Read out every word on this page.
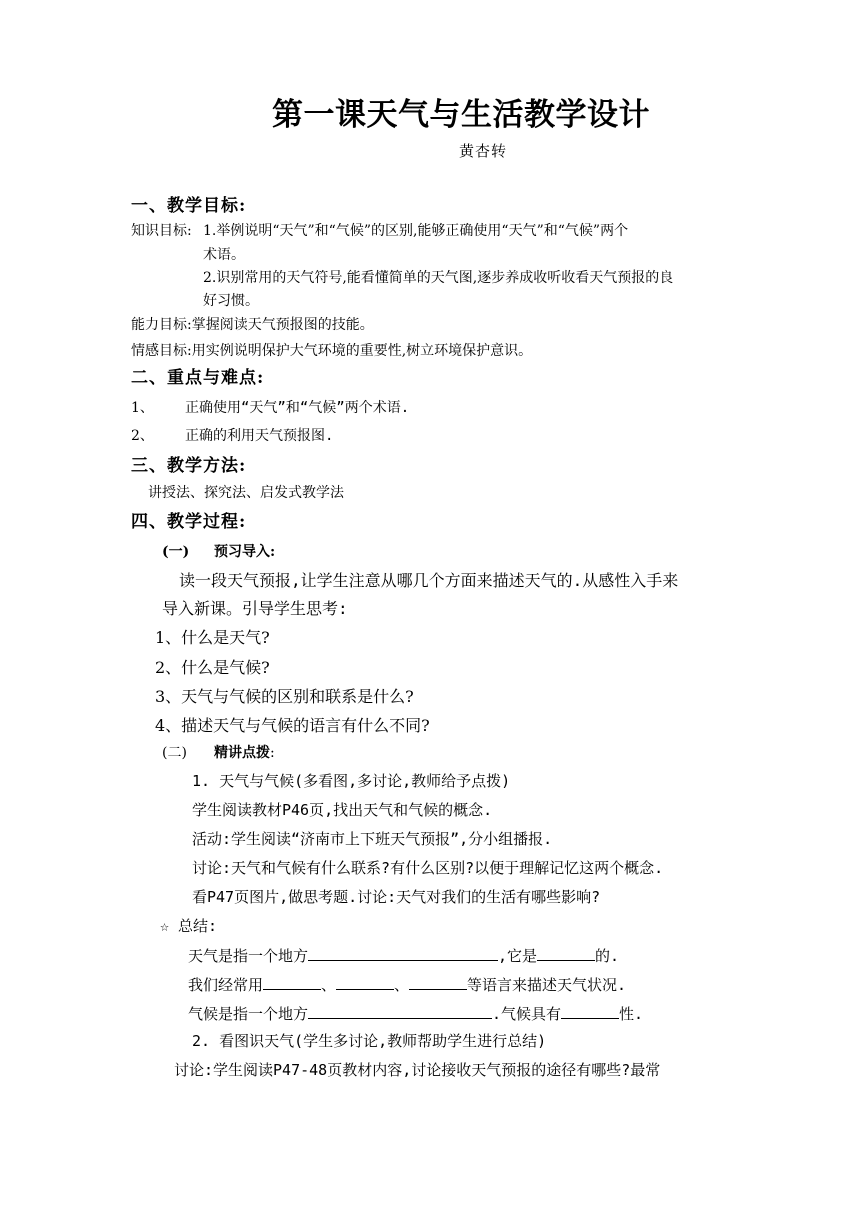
第一课天气与生活教学设计
黄杏转
一、教学目标:
知识目标: 1.举例说明“天气”和“气候”的区别,能够正确使用“天气”和“气候”两个
术语。
2.识别常用的天气符号,能看懂简单的天气图,逐步养成收听收看天气预报的良
好习惯。
能力目标:掌握阅读天气预报图的技能。
情感目标:用实例说明保护大气环境的重要性,树立环境保护意识。
二、重点与难点:
1、 正确使用“天气”和“气候”两个术语.
2、 正确的利用天气预报图.
三、教学方法:
讲授法、探究法、启发式教学法
四、教学过程:
(一) 预习导入:
读一段天气预报,让学生注意从哪几个方面来描述天气的.从感性入手来
导入新课。引导学生思考:
1、什么是天气?
2、什么是气候?
3、天气与气候的区别和联系是什么?
4、描述天气与气候的语言有什么不同?
(二) 精讲点拨:
1. 天气与气候(多看图,多讨论,教师给予点拨)
学生阅读教材P46页,找出天气和气候的概念.
活动:学生阅读“济南市上下班天气预报”,分小组播报.
讨论:天气和气候有什么联系?有什么区别?以便于理解记忆这两个概念.
看P47页图片,做思考题.讨论:天气对我们的生活有哪些影响?
☆ 总结:
天气是指一个地方	,它是	的.
我们经常用	、	、	等语言来描述天气状况.
气候是指一个地方	.气候具有	性.
2. 看图识天气(学生多讨论,教师帮助学生进行总结)
讨论:学生阅读P47-48页教材内容,讨论接收天气预报的途径有哪些?最常
